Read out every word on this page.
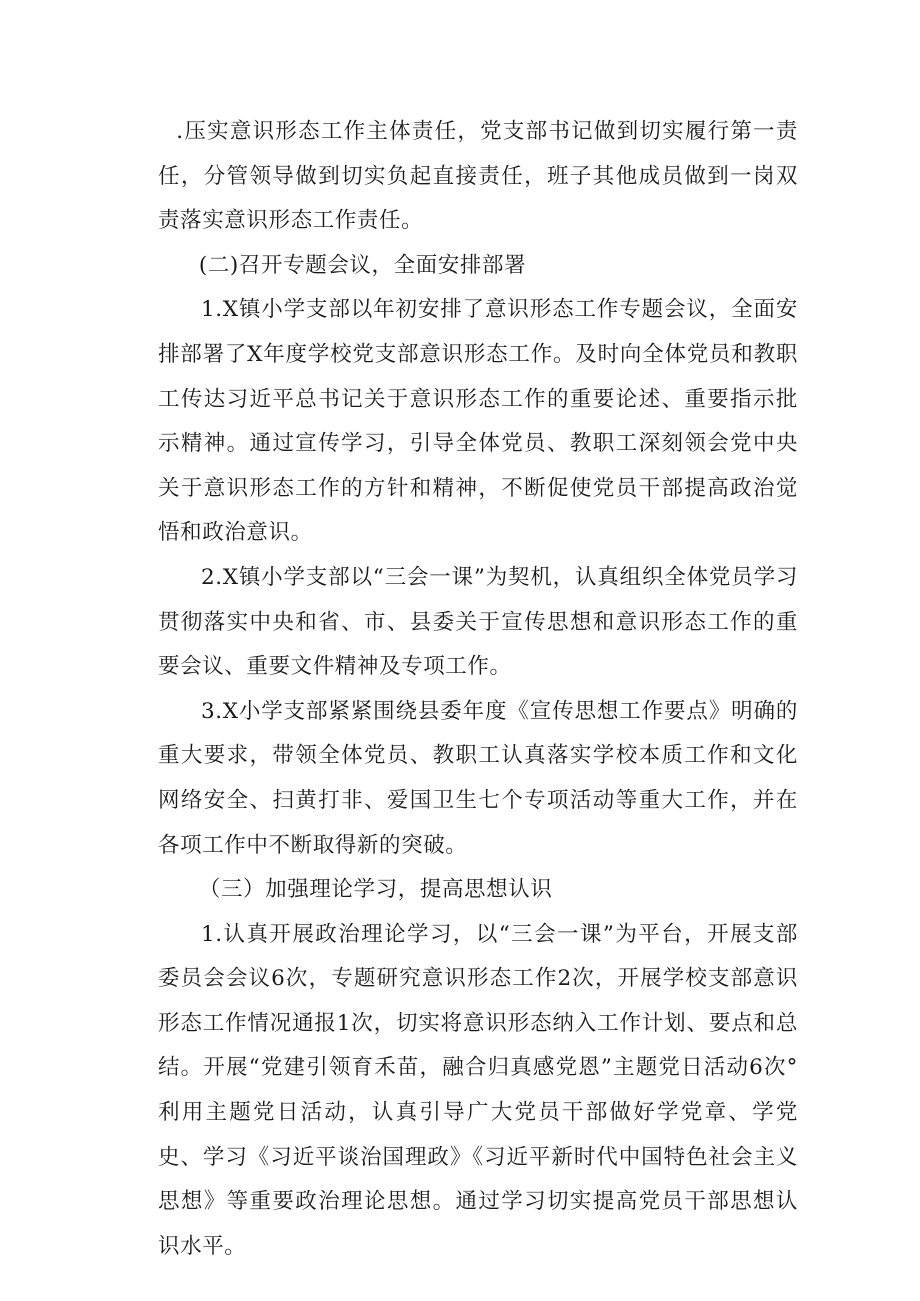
.压实意识形态工作主体责任，党支部书记做到切实履行第一责任，分管领导做到切实负起直接责任，班子其他成员做到一岗双责落实意识形态工作责任。

(二)召开专题会议，全面安排部署

1.X镇小学支部以年初安排了意识形态工作专题会议，全面安排部署了X年度学校党支部意识形态工作。及时向全体党员和教职工传达习近平总书记关于意识形态工作的重要论述、重要指示批示精神。通过宣传学习，引导全体党员、教职工深刻领会党中央关于意识形态工作的方针和精神，不断促使党员干部提高政治觉悟和政治意识。

2.X镇小学支部以“三会一课”为契机，认真组织全体党员学习贯彻落实中央和省、市、县委关于宣传思想和意识形态工作的重要会议、重要文件精神及专项工作。

3.X小学支部紧紧围绕县委年度《宣传思想工作要点》明确的重大要求，带领全体党员、教职工认真落实学校本质工作和文化网络安全、扫黄打非、爱国卫生七个专项活动等重大工作，并在各项工作中不断取得新的突破。

（三）加强理论学习，提高思想认识

1.认真开展政治理论学习，以“三会一课”为平台，开展支部委员会会议6次，专题研究意识形态工作2次，开展学校支部意识形态工作情况通报1次，切实将意识形态纳入工作计划、要点和总结。开展“党建引领育禾苗，融合归真感党恩”主题党日活动6次°利用主题党日活动，认真引导广大党员干部做好学党章、学党史、学习《习近平谈治国理政》《习近平新时代中国特色社会主义思想》等重要政治理论思想。通过学习切实提高党员干部思想认识水平。
